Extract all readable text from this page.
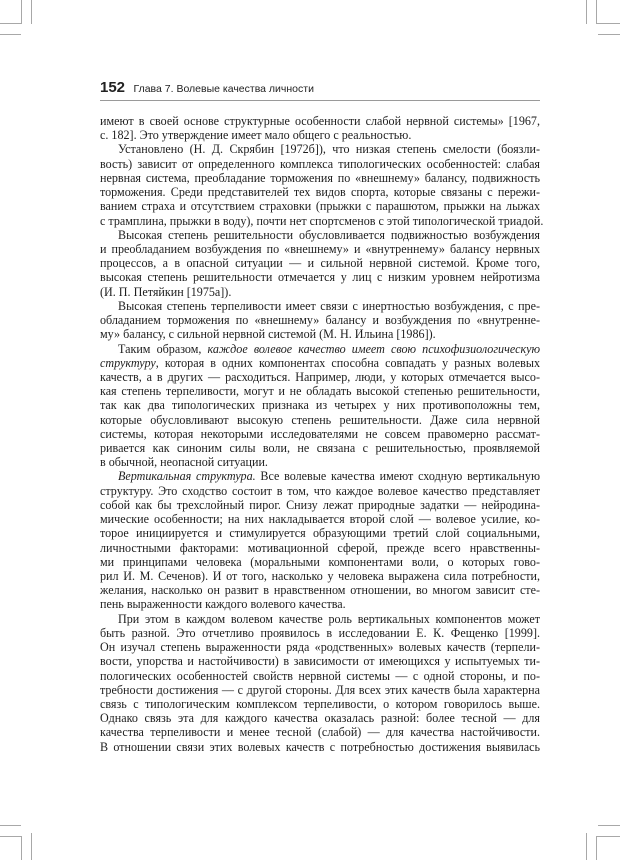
152 Глава 7. Волевые качества личности
имеют в своей основе структурные особенности слабой нервной системы» [1967,
с. 182]. Это утверждение имеет мало общего с реальностью.
Установлено (Н. Д. Скрябин [1972б]), что низкая степень смелости (боязли-
вость) зависит от определенного комплекса типологических особенностей: слабая
нервная система, преобладание торможения по «внешнему» балансу, подвижность
торможения. Среди представителей тех видов спорта, которые связаны с пережи-
ванием страха и отсутствием страховки (прыжки с парашютом, прыжки на лыжах
с трамплина, прыжки в воду), почти нет спортсменов с этой типологической триадой.
Высокая степень решительности обусловливается подвижностью возбуждения
и преобладанием возбуждения по «внешнему» и «внутреннему» балансу нервных
процессов, а в опасной ситуации — и сильной нервной системой. Кроме того,
высокая степень решительности отмечается у лиц с низким уровнем нейротизма
(И. П. Петяйкин [1975а]).
Высокая степень терпеливости имеет связи с инертностью возбуждения, с пре-
обладанием торможения по «внешнему» балансу и возбуждения по «внутренне-
му» балансу, с сильной нервной системой (М. Н. Ильина [1986]).
Таким образом, каждое волевое качество имеет свою психофизиологическую
структуру, которая в одних компонентах способна совпадать у разных волевых
качеств, а в других — расходиться. Например, люди, у которых отмечается высо-
кая степень терпеливости, могут и не обладать высокой степенью решительности,
так как два типологических признака из четырех у них противоположны тем,
которые обусловливают высокую степень решительности. Даже сила нервной
системы, которая некоторыми исследователями не совсем правомерно рассмат-
ривается как синоним силы воли, не связана с решительностью, проявляемой
в обычной, неопасной ситуации.
Вертикальная структура. Все волевые качества имеют сходную вертикальную
структуру. Это сходство состоит в том, что каждое волевое качество представляет
собой как бы трехслойный пирог. Снизу лежат природные задатки — нейродина-
мические особенности; на них накладывается второй слой — волевое усилие, ко-
торое инициируется и стимулируется образующими третий слой социальными,
личностными факторами: мотивационной сферой, прежде всего нравственны-
ми принципами человека (моральными компонентами воли, о которых гово-
рил И. М. Сеченов). И от того, насколько у человека выражена сила потребности,
желания, насколько он развит в нравственном отношении, во многом зависит сте-
пень выраженности каждого волевого качества.
При этом в каждом волевом качестве роль вертикальных компонентов может
быть разной. Это отчетливо проявилось в исследовании Е. К. Фещенко [1999].
Он изучал степень выраженности ряда «родственных» волевых качеств (терпели-
вости, упорства и настойчивости) в зависимости от имеющихся у испытуемых ти-
пологических особенностей свойств нервной системы — с одной стороны, и по-
требности достижения — с другой стороны. Для всех этих качеств была характерна
связь с типологическим комплексом терпеливости, о котором говорилось выше.
Однако связь эта для каждого качества оказалась разной: более тесной — для
качества терпеливости и менее тесной (слабой) — для качества настойчивости.
В отношении связи этих волевых качеств с потребностью достижения выявилась
